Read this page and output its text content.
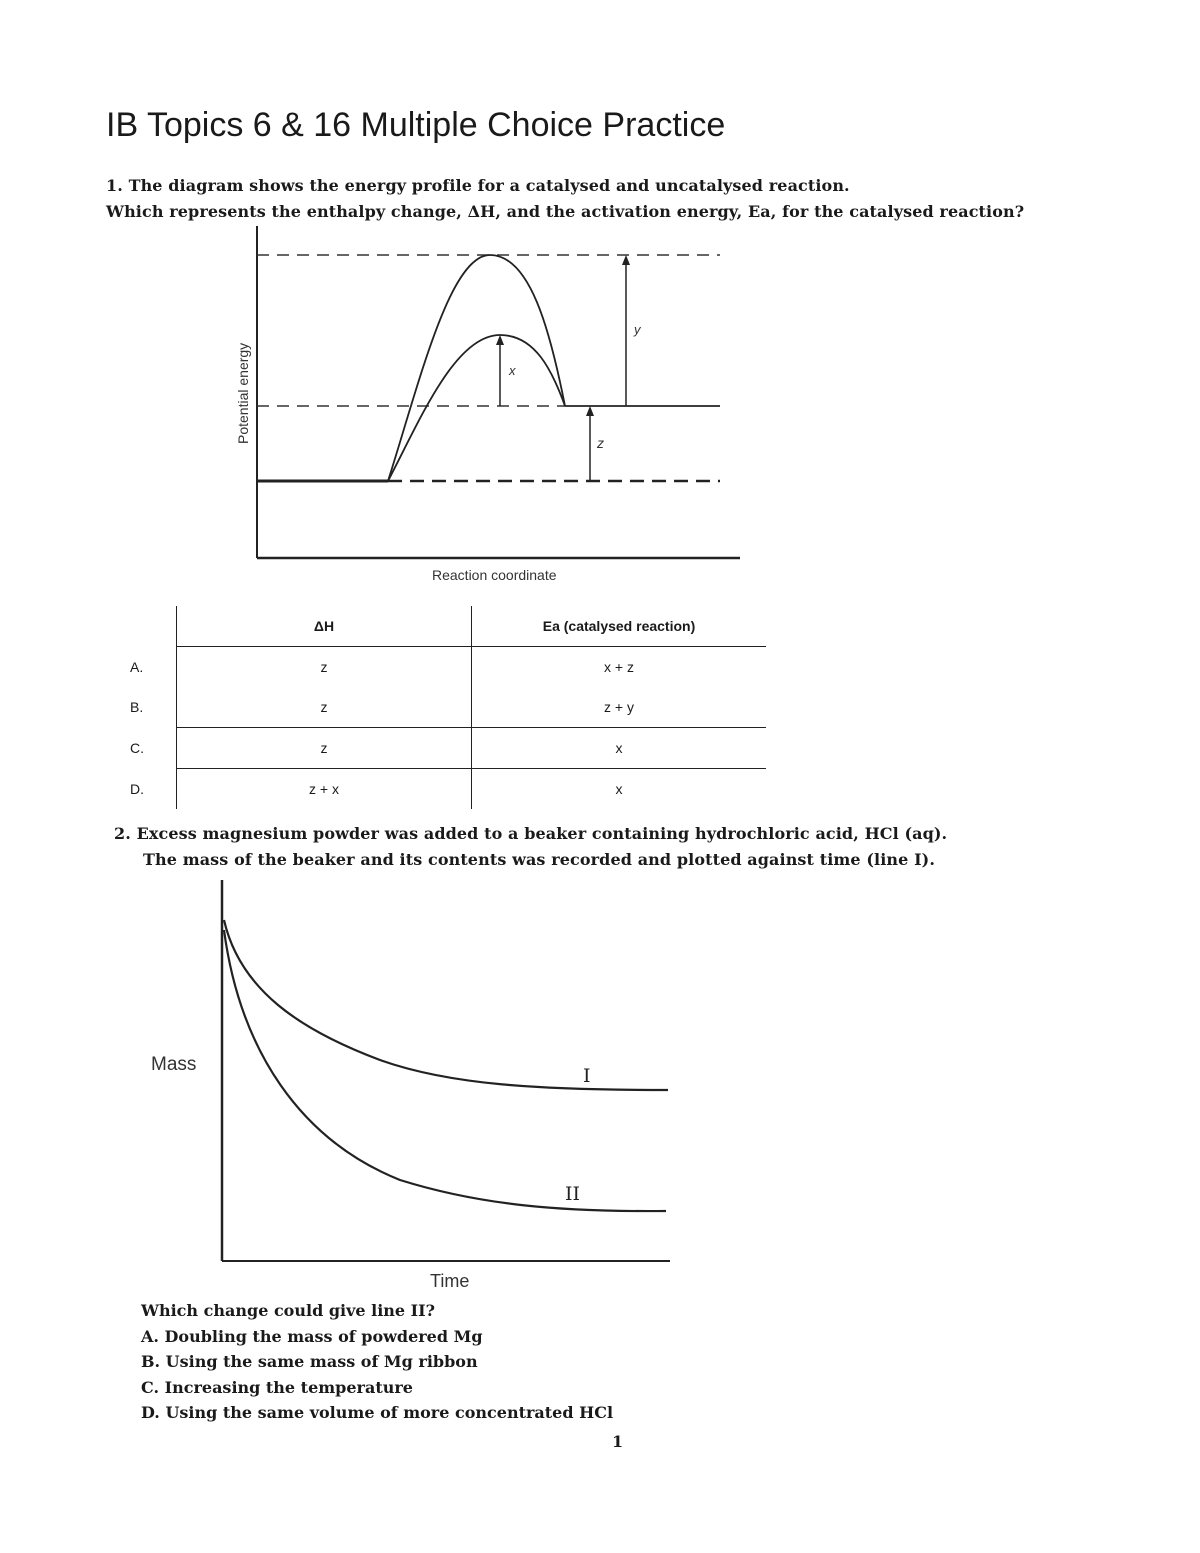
IB Topics 6 & 16 Multiple Choice Practice
1. The diagram shows the energy profile for a catalysed and uncatalysed reaction.
Which represents the enthalpy change, ΔH, and the activation energy, Ea, for the catalysed reaction?
x
y
z
Potential energy
Reaction coordinate
Mass
Time
I
II
	ΔH	Ea (catalysed reaction)
A.	z	x + z
B.	z	z + y
C.	z	x
D.	z + x	x
2. Excess magnesium powder was added to a beaker containing hydrochloric acid, HCl (aq).
The mass of the beaker and its contents was recorded and plotted against time (line I).
Which change could give line II?
A. Doubling the mass of powdered Mg
B. Using the same mass of Mg ribbon
C. Increasing the temperature
D. Using the same volume of more concentrated HCl
1
